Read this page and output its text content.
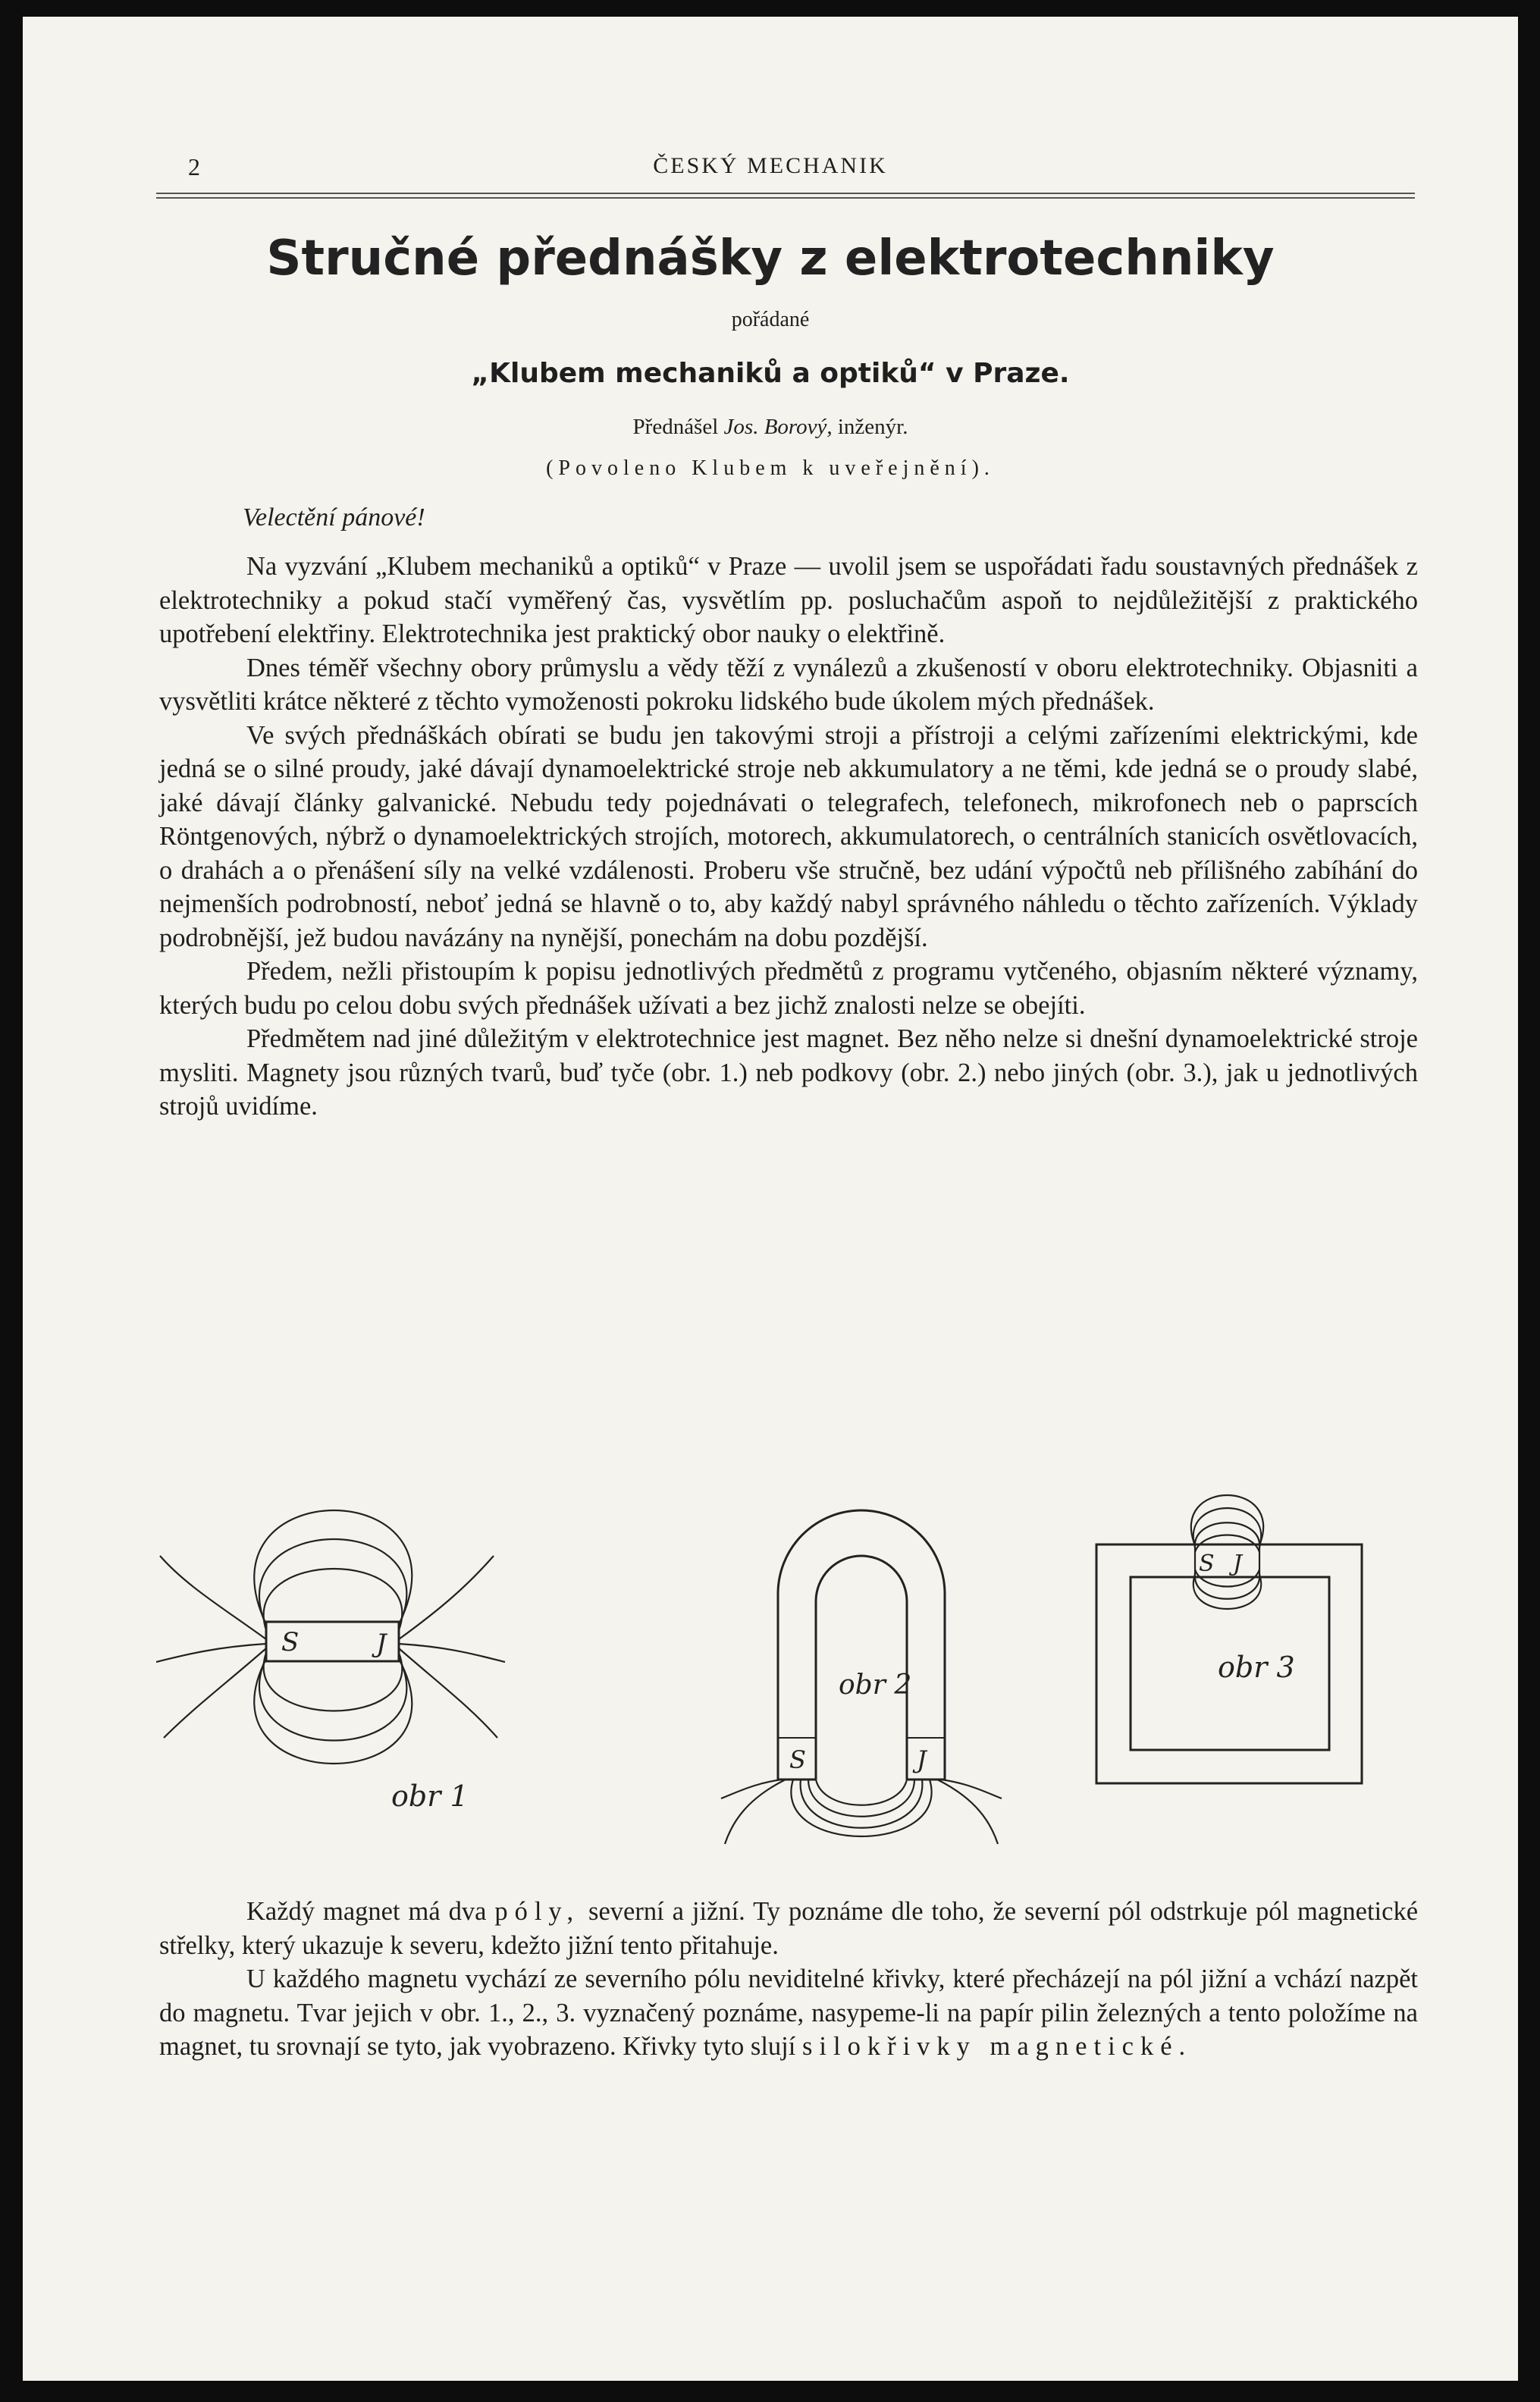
2	ČESKÝ MECHANIK
Stručné přednášky z elektrotechniky
pořádané
„Klubem mechaniků a optiků“ v Praze.
Přednášel Jos. Borový, inženýr.
(Povoleno Klubem k uveřejnění).
Velectění pánové!

Na vyzvání „Klubem mechaniků a optiků“ v Praze — uvolil jsem se uspořádati řadu soustavných přednášek z elektrotechniky a pokud stačí vyměřený čas, vysvětlím pp. posluchačům aspoň to nejdůležitější z praktického upotřebení elektřiny. Elektrotechnika jest praktický obor nauky o elektřině.

Dnes téměř všechny obory průmyslu a vědy těží z vynálezů a zkušeností v oboru elektrotechniky. Objasniti a vysvětliti krátce některé z těchto vymoženosti pokroku lidského bude úkolem mých přednášek.

Ve svých přednáškách obírati se budu jen takovými stroji a přístroji a celými zařízeními elektrickými, kde jedná se o silné proudy, jaké dávají dynamoelektrické stroje neb akkumulatory a ne těmi, kde jedná se o proudy slabé, jaké dávají články galvanické. Nebudu tedy pojednávati o telegrafech, telefonech, mikrofonech neb o paprscích Röntgenových, nýbrž o dynamoelektrických strojích, motorech, akkumulatorech, o centrálních stanicích osvětlovacích, o drahách a o přenášení síly na velké vzdálenosti. Proberu vše stručně, bez udání výpočtů neb přílišného zabíhání do nejmenších podrobností, neboť jedná se hlavně o to, aby každý nabyl správného náhledu o těchto zařízeních. Výklady podrobnější, jež budou navázány na nynější, ponechám na dobu pozdější.

Předem, nežli přistoupím k popisu jednotlivých předmětů z programu vytčeného, objasním některé významy, kterých budu po celou dobu svých přednášek užívati a bez jichž znalosti nelze se obejíti.

Předmětem nad jiné důležitým v elektrotechnice jest magnet. Bez něho nelze si dnešní dynamoelektrické stroje mysliti. Magnety jsou různých tvarů, buď tyče (obr. 1.) neb podkovy (obr. 2.) nebo jiných (obr. 3.), jak u jednotlivých strojů uvidíme.

S	J
obr 1
S	J
obr 2
S J
obr 3

Každý magnet má dva póly, severní a jižní. Ty poznáme dle toho, že severní pól odstrkuje pól magnetické střelky, který ukazuje k severu, kdežto jižní tento přitahuje.

U každého magnetu vychází ze severního pólu neviditelné křivky, které přecházejí na pól jižní a vchází nazpět do magnetu. Tvar jejich v obr. 1., 2., 3. vyznačený poznáme, nasypeme-li na papír pilin železných a tento položíme na magnet, tu srovnají se tyto, jak vyobrazeno. Křivky tyto slují silokřivky magnetické.
